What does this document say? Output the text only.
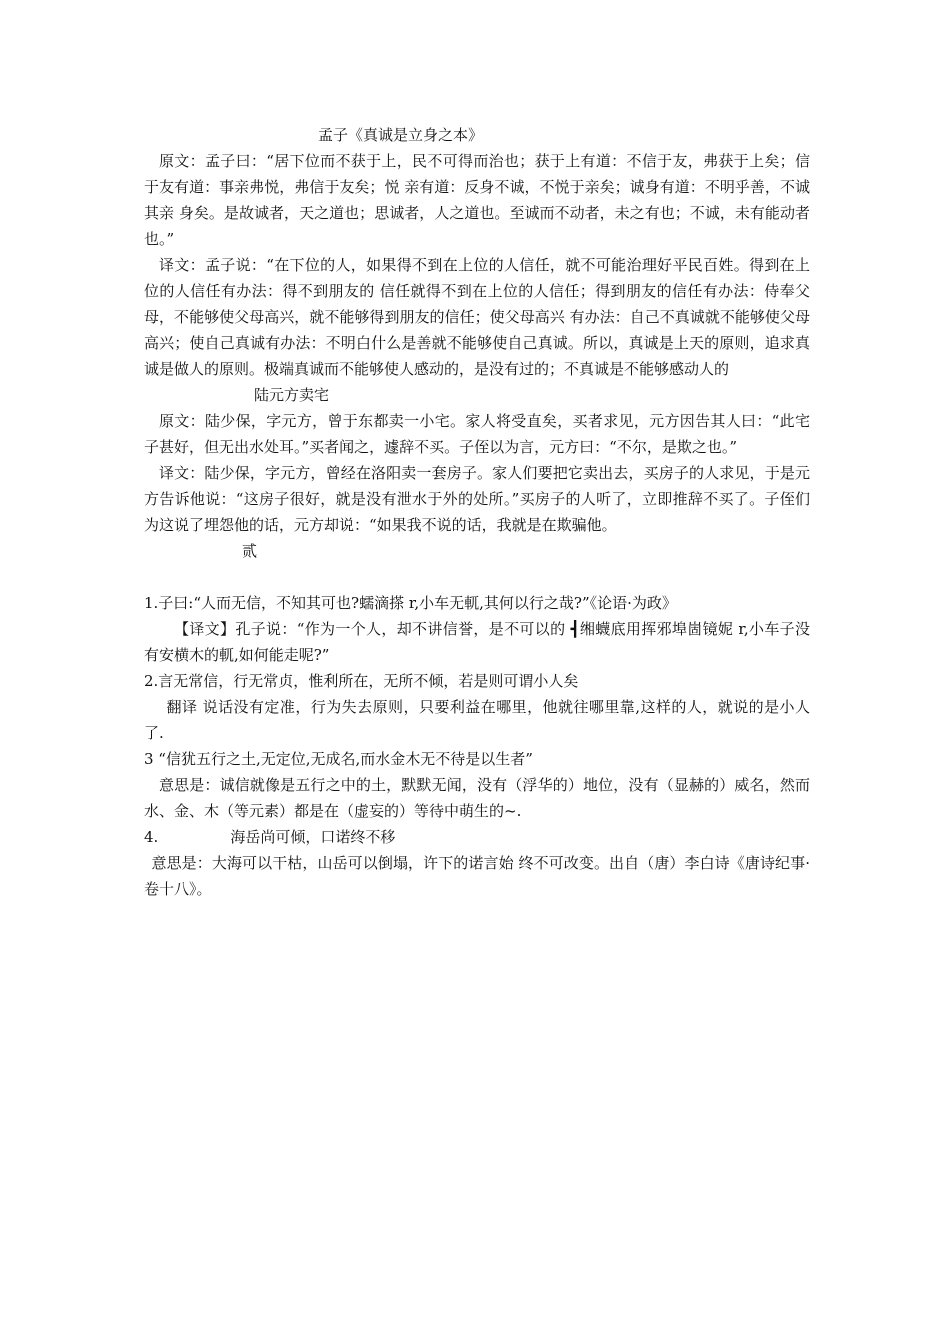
孟子《真诚是立身之本》

原文：孟子曰：“居下位而不获于上，民不可得而治也；获于上有道：不信于友，弗获于上矣；信于友有道：事亲弗悦，弗信于友矣；悦 亲有道：反身不诚，不悦于亲矣；诚身有道：不明乎善，不诚其亲 身矣。是故诚者，天之道也；思诚者，人之道也。至诚而不动者，未之有也；不诚，未有能动者也。”

译文：孟子说：“在下位的人，如果得不到在上位的人信任，就不可能治理好平民百姓。得到在上位的人信任有办法：得不到朋友的 信任就得不到在上位的人信任；得到朋友的信任有办法：侍奉父母，不能够使父母高兴，就不能够得到朋友的信任；使父母高兴 有办法：自己不真诚就不能够使父母高兴；使自己真诚有办法：不明白什么是善就不能够使自己真诚。所以，真诚是上天的原则，追求真诚是做人的原则。极端真诚而不能够使人感动的，是没有过的；不真诚是不能够感动人的

陆元方卖宅

原文：陆少保，字元方，曾于东都卖一小宅。家人将受直矣，买者求见，元方因告其人曰：“此宅子甚好，但无出水处耳。”买者闻之，遽辞不买。子侄以为言，元方曰：“不尔，是欺之也。”

译文：陆少保，字元方，曾经在洛阳卖一套房子。家人们要把它卖出去，买房子的人求见，于是元方告诉他说：“这房子很好，就是没有泄水于外的处所。”买房子的人听了，立即推辞不买了。子侄们为这说了埋怨他的话，元方却说：“如果我不说的话，我就是在欺骗他。

贰

1.子曰:“人而无信，不知其可也?蠕滴搽 r,小车无軏,其何以行之哉?”《论语·为政》

【译文】孔子说：“作为一个人，却不讲信誉，是不可以的 ┫缃蠛底用挥邪埠崮镜妮 r,小车子没有安横木的軏,如何能走呢?”

2.言无常信，行无常贞，惟利所在，无所不倾，若是则可谓小人矣

翻译 说话没有定准，行为失去原则，只要利益在哪里，他就往哪里靠,这样的人，就说的是小人了.

3 “信犹五行之土,无定位,无成名,而水金木无不待是以生者”

意思是：诚信就像是五行之中的土，默默无闻，没有（浮华的）地位，没有（显赫的）威名，然而水、金、木（等元素）都是在（虚妄的）等待中萌生的~.

4.	海岳尚可倾，口诺终不移

意思是：大海可以干枯，山岳可以倒塌，许下的诺言始 终不可改变。出自（唐）李白诗《唐诗纪事·卷十八》。
